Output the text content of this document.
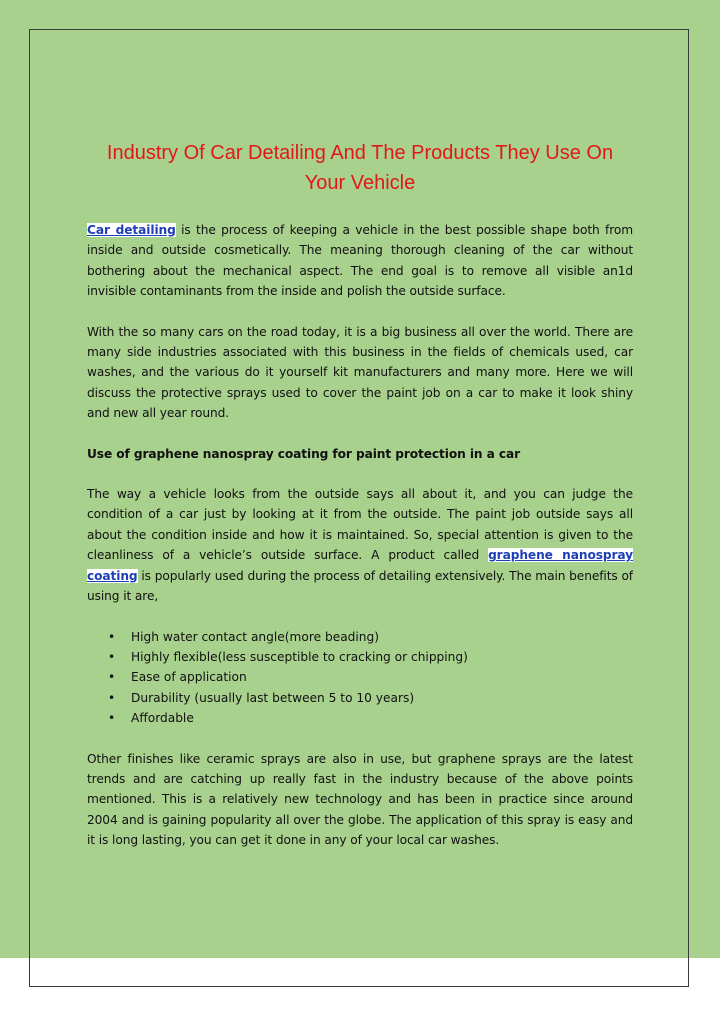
Industry Of Car Detailing And The Products They Use On Your Vehicle

Car detailing is the process of keeping a vehicle in the best possible shape both from inside and outside cosmetically. The meaning thorough cleaning of the car without bothering about the mechanical aspect. The end goal is to remove all visible an1d invisible contaminants from the inside and polish the outside surface.

With the so many cars on the road today, it is a big business all over the world. There are many side industries associated with this business in the fields of chemicals used, car washes, and the various do it yourself kit manufacturers and many more. Here we will discuss the protective sprays used to cover the paint job on a car to make it look shiny and new all year round.

Use of graphene nanospray coating for paint protection in a car

The way a vehicle looks from the outside says all about it, and you can judge the condition of a car just by looking at it from the outside. The paint job outside says all about the condition inside and how it is maintained. So, special attention is given to the cleanliness of a vehicle’s outside surface. A product called graphene nanospray coating is popularly used during the process of detailing extensively. The main benefits of using it are,

• High water contact angle(more beading)
• Highly flexible(less susceptible to cracking or chipping)
• Ease of application
• Durability (usually last between 5 to 10 years)
• Affordable

Other finishes like ceramic sprays are also in use, but graphene sprays are the latest trends and are catching up really fast in the industry because of the above points mentioned. This is a relatively new technology and has been in practice since around 2004 and is gaining popularity all over the globe. The application of this spray is easy and it is long lasting, you can get it done in any of your local car washes.
